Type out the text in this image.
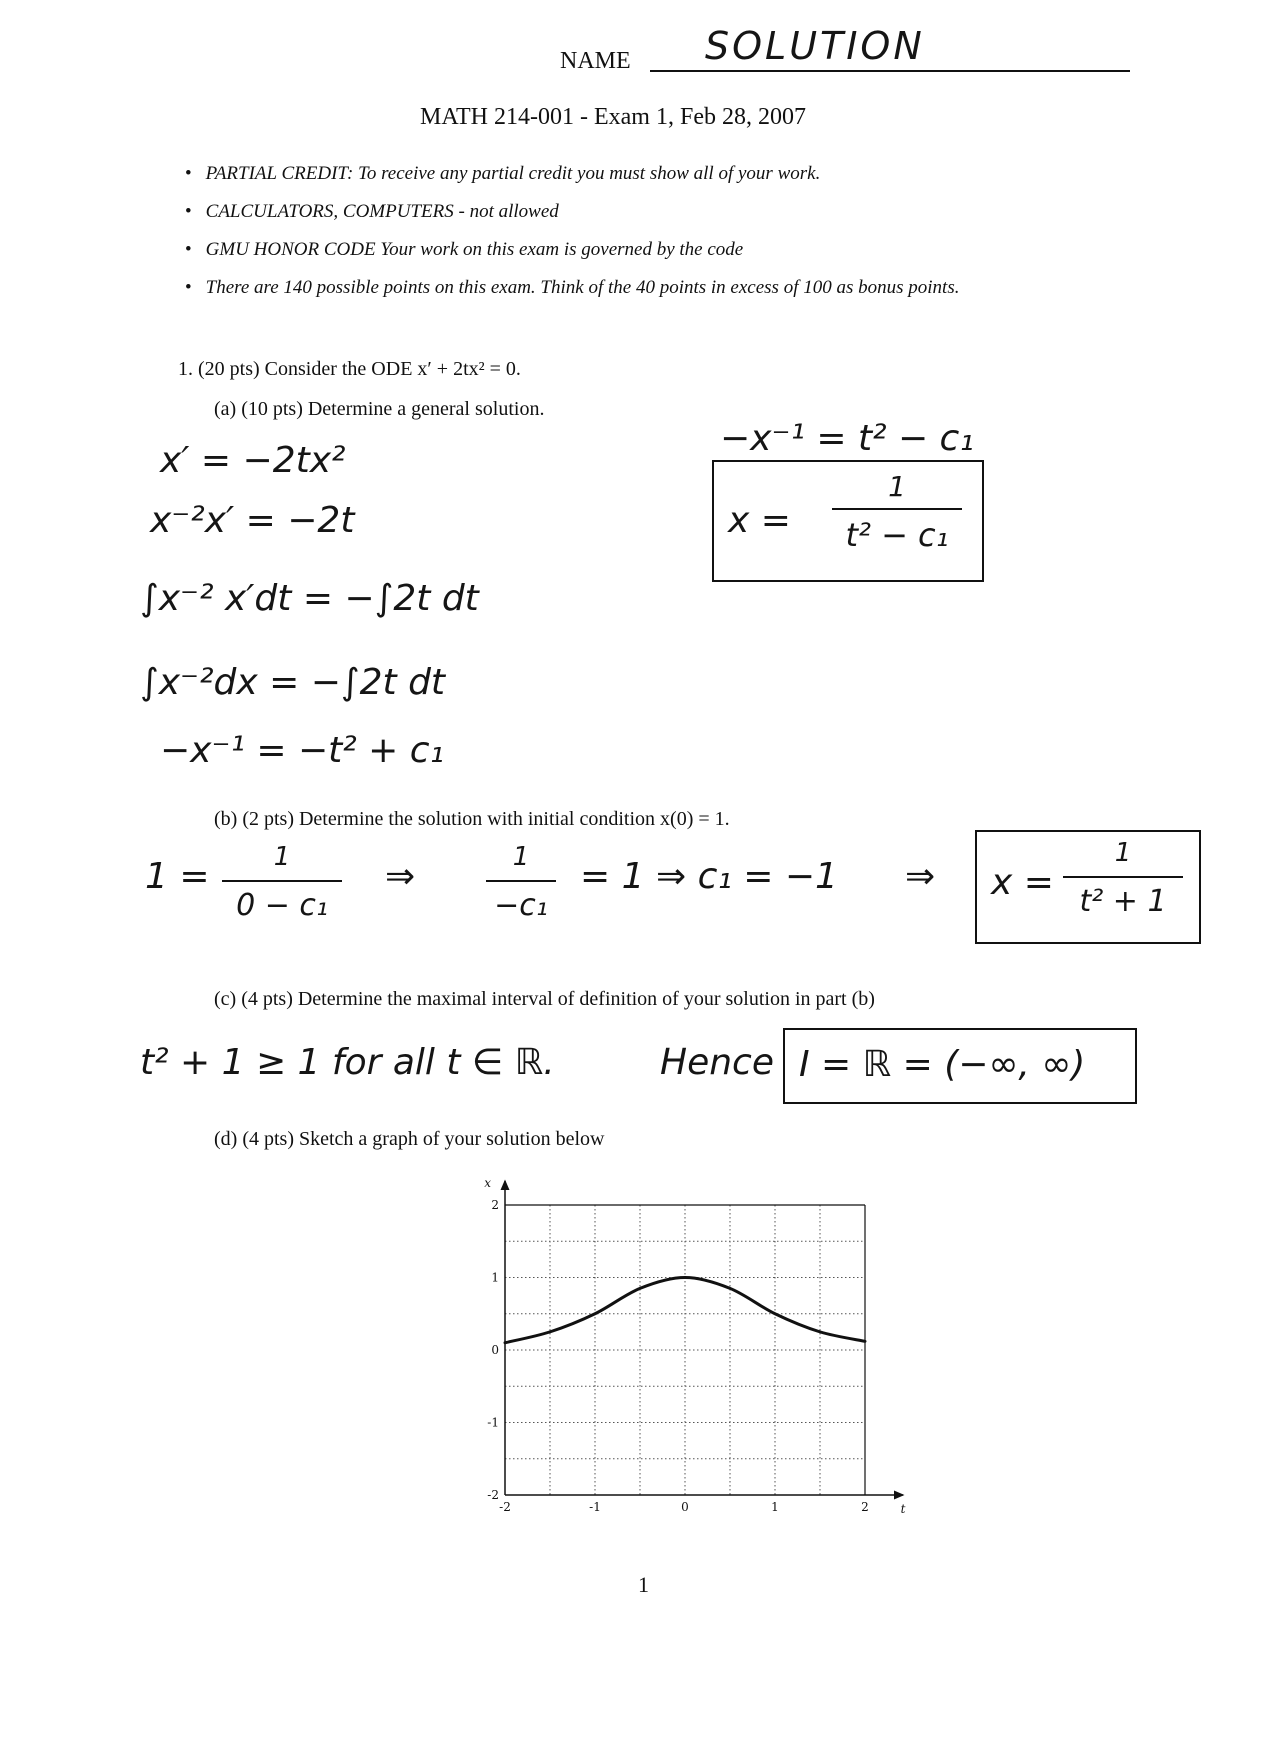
NAME SOLUTION
MATH 214-001 - Exam 1, Feb 28, 2007
• PARTIAL CREDIT: To receive any partial credit you must show all of your work.
• CALCULATORS, COMPUTERS - not allowed
• GMU HONOR CODE Your work on this exam is governed by the code
• There are 140 possible points on this exam. Think of the 40 points in excess of 100 as bonus points.
1. (20 pts) Consider the ODE x′ + 2tx² = 0.
(a) (10 pts) Determine a general solution.
x′ = −2tx²
x⁻²x′ = −2t
∫x⁻² x′dt = −∫2t dt
∫x⁻²dx = −∫2t dt
−x⁻¹ = −t² + c₁
−x⁻¹ = t² − c₁
x =
1
t² − c₁
(b) (2 pts) Determine the solution with initial condition x(0) = 1.
1 =	1
0 − c₁
⇒	1
−c₁
= 1 ⇒ c₁ = −1 ⇒ x =
1
t² + 1
(c) (4 pts) Determine the maximal interval of definition of your solution in part (b)
t² + 1 ≥ 1 for all t ∈ ℝ.	Hence I = ℝ = (−∞, ∞)
(d) (4 pts) Sketch a graph of your solution below
-2	-1	0	1	2
2
1
0
-1
-2
t
x
1
